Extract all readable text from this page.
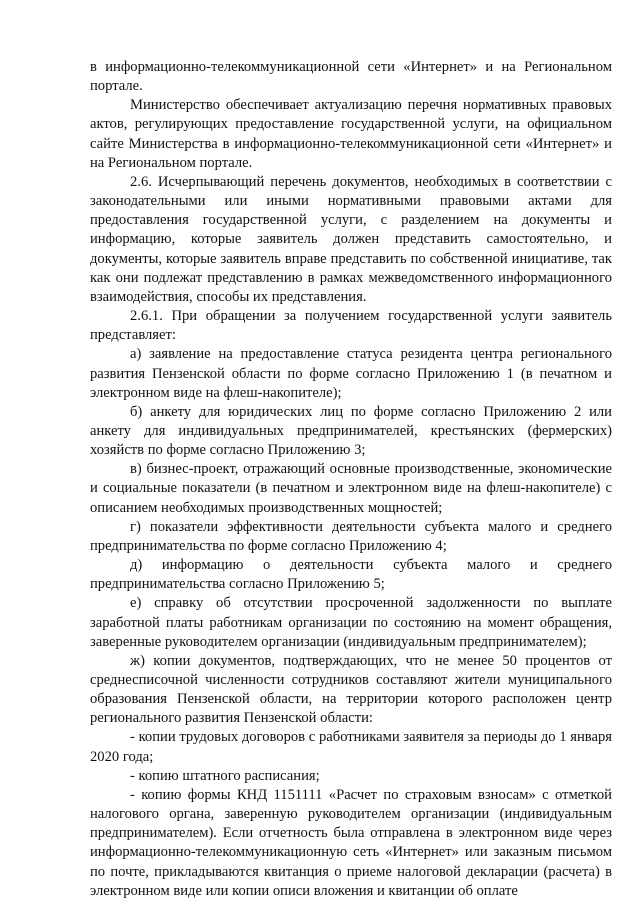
в информационно-телекоммуникационной сети «Интернет» и на Региональном портале.

Министерство обеспечивает актуализацию перечня нормативных правовых актов, регулирующих предоставление государственной услуги, на официальном сайте Министерства в информационно-телекоммуникационной сети «Интернет» и на Региональном портале.

2.6. Исчерпывающий перечень документов, необходимых в соответствии с законодательными или иными нормативными правовыми актами для предоставления государственной услуги, с разделением на документы и информацию, которые заявитель должен представить самостоятельно, и документы, которые заявитель вправе представить по собственной инициативе, так как они подлежат представлению в рамках межведомственного информационного взаимодействия, способы их представления.

2.6.1. При обращении за получением государственной услуги заявитель представляет:

а) заявление на предоставление статуса резидента центра регионального развития Пензенской области по форме согласно Приложению 1 (в печатном и электронном виде на флеш-накопителе);

б) анкету для юридических лиц по форме согласно Приложению 2 или анкету для индивидуальных предпринимателей, крестьянских (фермерских) хозяйств по форме согласно Приложению 3;

в) бизнес-проект, отражающий основные производственные, экономические и социальные показатели (в печатном и электронном виде на флеш-накопителе) с описанием необходимых производственных мощностей;

г) показатели эффективности деятельности субъекта малого и среднего предпринимательства по форме согласно Приложению 4;

д) информацию о деятельности субъекта малого и среднего предпринимательства согласно Приложению 5;

е) справку об отсутствии просроченной задолженности по выплате заработной платы работникам организации по состоянию на момент обращения, заверенные руководителем организации (индивидуальным предпринимателем);

ж) копии документов, подтверждающих, что не менее 50 процентов от среднесписочной численности сотрудников составляют жители муниципального образования Пензенской области, на территории которого расположен центр регионального развития Пензенской области:

- копии трудовых договоров с работниками заявителя за периоды до 1 января 2020 года;

- копию штатного расписания;

- копию формы КНД 1151111 «Расчет по страховым взносам» с отметкой налогового органа, заверенную руководителем организации (индивидуальным предпринимателем). Если отчетность была отправлена в электронном виде через информационно-телекоммуникационную сеть «Интернет» или заказным письмом по почте, прикладываются квитанция о приеме налоговой декларации (расчета) в электронном виде или копии описи вложения и квитанции об оплате
